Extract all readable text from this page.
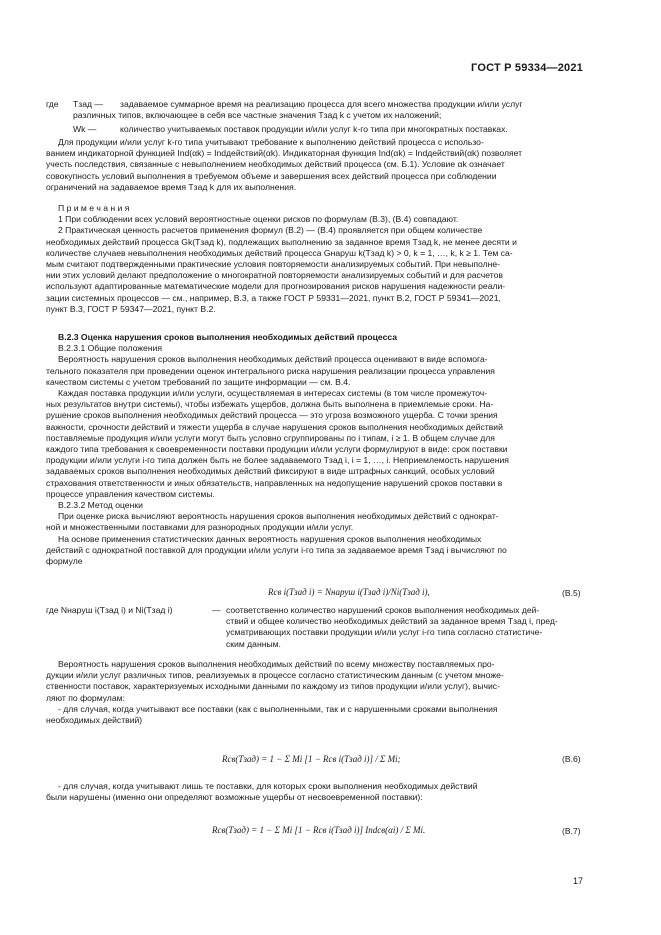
ГОСТ Р 59334—2021
где Тзад — задаваемое суммарное время на реализацию процесса для всего множества продукции и/или услуг
различных типов, включающее в себя все частные значения Тзад k с учетом их наложений;
Wk —	количество учитываемых поставок продукции и/или услуг k-го типа при многократных поставках.
Для продукции и/или услуг k-го типа учитывают требование к выполнению действий процесса с использо-
ванием индикаторной функцией Ind(αk) = Indдействий(αk). Индикаторная функция Ind(αk) = Indдействий(αk) позволяет
учесть последствия, связанные с невыполнением необходимых действий процесса (см. Б.1). Условие αk означает
совокупность условий выполнения в требуемом объеме и завершения всех действий процесса при соблюдении
ограничений на задаваемое время Тзад k для их выполнения.
П р и м е ч а н и я
1 При соблюдении всех условий вероятностные оценки рисков по формулам (В.3), (В.4) совпадают.
2 Практическая ценность расчетов применения формул (В.2) — (В.4) проявляется при общем количестве
необходимых действий процесса Gk(Тзад k), подлежащих выполнению за заданное время Тзад k, не менее десяти и
количестве случаев невыполнения необходимых действий процесса Gнаруш k(Тзад k) > 0, k = 1, …, k, k ≥ 1. Тем са-
мым считают подтвержденными практические условия повторяемости анализируемых событий. При невыполне-
нии этих условий делают предположение о многократной повторяемости анализируемых событий и для расчетов
используют адаптированные математические модели для прогнозирования рисков нарушения надежности реали-
зации системных процессов — см., например, В.3, а также ГОСТ Р 59331—2021, пункт В.2, ГОСТ Р 59341—2021,
пункт В.3, ГОСТ Р 59347—2021, пункт В.2.
В.2.3 Оценка нарушения сроков выполнения необходимых действий процесса
В.2.3.1 Общие положения
Вероятность нарушения сроков выполнения необходимых действий процесса оценивают в виде вспомога-
тельного показателя при проведении оценок интегрального риска нарушения реализации процесса управления
качеством системы с учетом требований по защите информации — см. В.4.
Каждая поставка продукции и/или услуги, осуществляемая в интересах системы (в том числе промежуточ-
ных результатов внутри системы), чтобы избежать ущербов, должна быть выполнена в приемлемые сроки. На-
рушение сроков выполнения необходимых действий процесса — это угроза возможного ущерба. С точки зрения
важности, срочности действий и тяжести ущерба в случае нарушения сроков выполнения необходимых действий
поставляемые продукция и/или услуги могут быть условно сгруппированы по i типам, i ≥ 1. В общем случае для
каждого типа требования к своевременности поставки продукции и/или услуги формулируют в виде: срок поставки
продукции и/или услуги i-го типа должен быть не более задаваемого Тзад i, i = 1, …, i. Неприемлемость нарушения
задаваемых сроков выполнения необходимых действий фиксируют в виде штрафных санкций, особых условий
страхования ответственности и иных обязательств, направленных на недопущение нарушений сроков поставки в
процессе управления качеством системы.
В.2.3.2 Метод оценки
При оценке риска вычисляют вероятность нарушения сроков выполнения необходимых действий с однократ-
ной и множественными поставками для разнородных продукции и/или услуг.
На основе применения статистических данных вероятность нарушения сроков выполнения необходимых
действий с однократной поставкой для продукции и/или услуги i-го типа за задаваемое время Тзад i вычисляют по
формуле
Rсв i(Тзад i) = Nнаруш i(Тзад i)/Ni(Тзад i),	(В.5)
где Nнаруш i(Тзад i) и Ni(Тзад i)	— соответственно количество нарушений сроков выполнения необходимых дей-
ствий и общее количество необходимых действий за заданное время Тзад i, пред-
усматривающих поставки продукции и/или услуг i-го типа согласно статистиче-
ским данным.
Вероятность нарушения сроков выполнения необходимых действий по всему множеству поставляемых про-
дукции и/или услуг различных типов, реализуемых в процессе согласно статистическим данным (с учетом множе-
ственности поставок, характеризуемых исходными данными по каждому из типов продукции и/или услуг), вычис-
ляют по формулам:
- для случая, когда учитывают все поставки (как с выполненными, так и с нарушенными сроками выполнения
необходимых действий)
Rсв(Тзад) = 1 − Σ Mi [1 − Rсв i(Тзад i)] / Σ Mi;	(В.6)
- для случая, когда учитывают лишь те поставки, для которых сроки выполнения необходимых действий
были нарушены (именно они определяют возможные ущербы от несвоевременной поставки):
Rсв(Тзад) = 1 − Σ Mi [1 − Rсв i(Тзад i)] Indсв(αi) / Σ Mi.	(В.7)
17
